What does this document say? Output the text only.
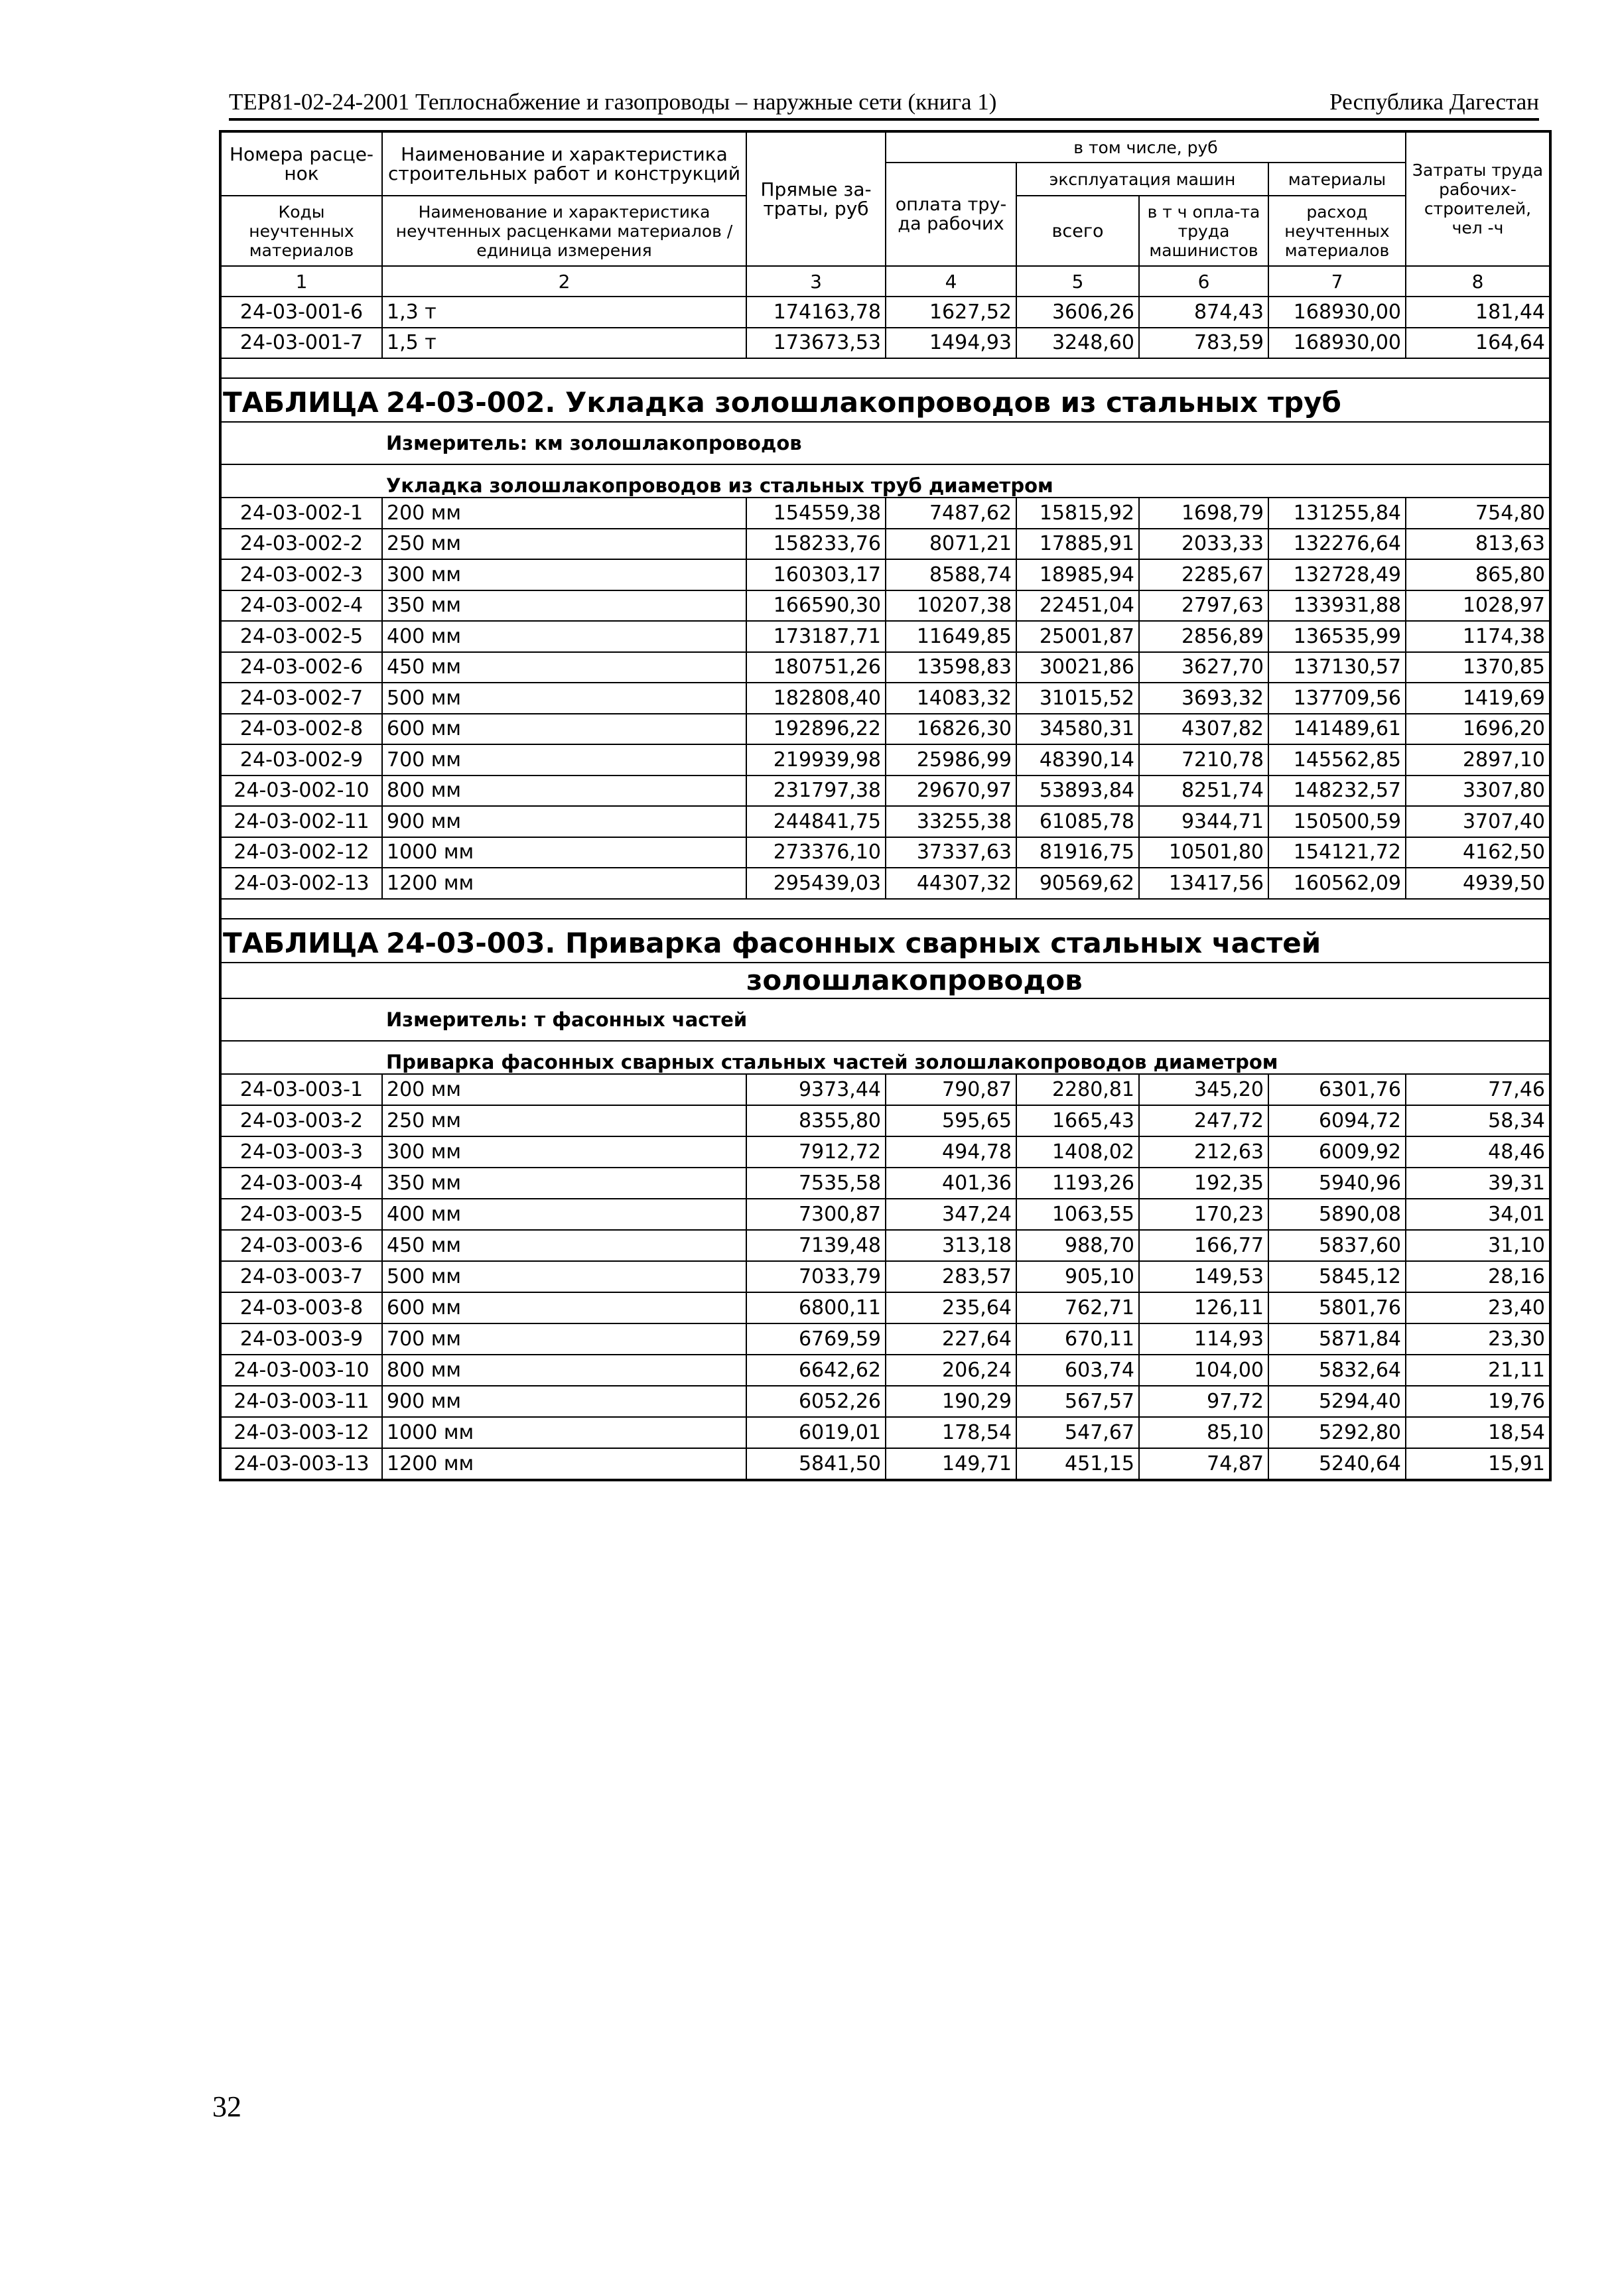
ТЕР81-02-24-2001 Теплоснабжение и газопроводы – наружные сети (книга 1)	Республика Дагестан
Номера расце-нок	Наименование и характеристика строительных работ и конструкций	Прямые за-траты, руб	в том числе, руб				Затраты труда рабочих-строителей, чел -ч
			оплата тру-да рабочих	эксплуатация машин		материалы	
Коды неучтенных материалов	Наименование и характеристика неучтенных расценками материалов / единица измерения			всего	в т ч опла-та труда машинистов	расход неучтенных материалов	

1	2	3	4	5	6	7	8
24-03-001-6	1,3 т	174163,78	1627,52	3606,26	874,43	168930,00	181,44
24-03-001-7	1,5 т	173673,53	1494,93	3248,60	783,59	168930,00	164,64

ТАБЛИЦА	24-03-002. Укладка золошлакопроводов из стальных труб						
	Измеритель: км золошлакопроводов						
	Укладка золошлакопроводов из стальных труб диаметром						
24-03-002-1	200 мм	154559,38	7487,62	15815,92	1698,79	131255,84	754,80
24-03-002-2	250 мм	158233,76	8071,21	17885,91	2033,33	132276,64	813,63
24-03-002-3	300 мм	160303,17	8588,74	18985,94	2285,67	132728,49	865,80
24-03-002-4	350 мм	166590,30	10207,38	22451,04	2797,63	133931,88	1028,97
24-03-002-5	400 мм	173187,71	11649,85	25001,87	2856,89	136535,99	1174,38
24-03-002-6	450 мм	180751,26	13598,83	30021,86	3627,70	137130,57	1370,85
24-03-002-7	500 мм	182808,40	14083,32	31015,52	3693,32	137709,56	1419,69
24-03-002-8	600 мм	192896,22	16826,30	34580,31	4307,82	141489,61	1696,20
24-03-002-9	700 мм	219939,98	25986,99	48390,14	7210,78	145562,85	2897,10
24-03-002-10	800 мм	231797,38	29670,97	53893,84	8251,74	148232,57	3307,80
24-03-002-11	900 мм	244841,75	33255,38	61085,78	9344,71	150500,59	3707,40
24-03-002-12	1000 мм	273376,10	37337,63	81916,75	10501,80	154121,72	4162,50
24-03-002-13	1200 мм	295439,03	44307,32	90569,62	13417,56	160562,09	4939,50

ТАБЛИЦА	24-03-003. Приварка фасонных сварных стальных частей						
		золошлакопроводов					
	Измеритель: т фасонных частей						
	Приварка фасонных сварных стальных частей золошлакопроводов диаметром						
24-03-003-1	200 мм	9373,44	790,87	2280,81	345,20	6301,76	77,46
24-03-003-2	250 мм	8355,80	595,65	1665,43	247,72	6094,72	58,34
24-03-003-3	300 мм	7912,72	494,78	1408,02	212,63	6009,92	48,46
24-03-003-4	350 мм	7535,58	401,36	1193,26	192,35	5940,96	39,31
24-03-003-5	400 мм	7300,87	347,24	1063,55	170,23	5890,08	34,01
24-03-003-6	450 мм	7139,48	313,18	988,70	166,77	5837,60	31,10
24-03-003-7	500 мм	7033,79	283,57	905,10	149,53	5845,12	28,16
24-03-003-8	600 мм	6800,11	235,64	762,71	126,11	5801,76	23,40
24-03-003-9	700 мм	6769,59	227,64	670,11	114,93	5871,84	23,30
24-03-003-10	800 мм	6642,62	206,24	603,74	104,00	5832,64	21,11
24-03-003-11	900 мм	6052,26	190,29	567,57	97,72	5294,40	19,76
24-03-003-12	1000 мм	6019,01	178,54	547,67	85,10	5292,80	18,54
24-03-003-13	1200 мм	5841,50	149,71	451,15	74,87	5240,64	15,91
32
